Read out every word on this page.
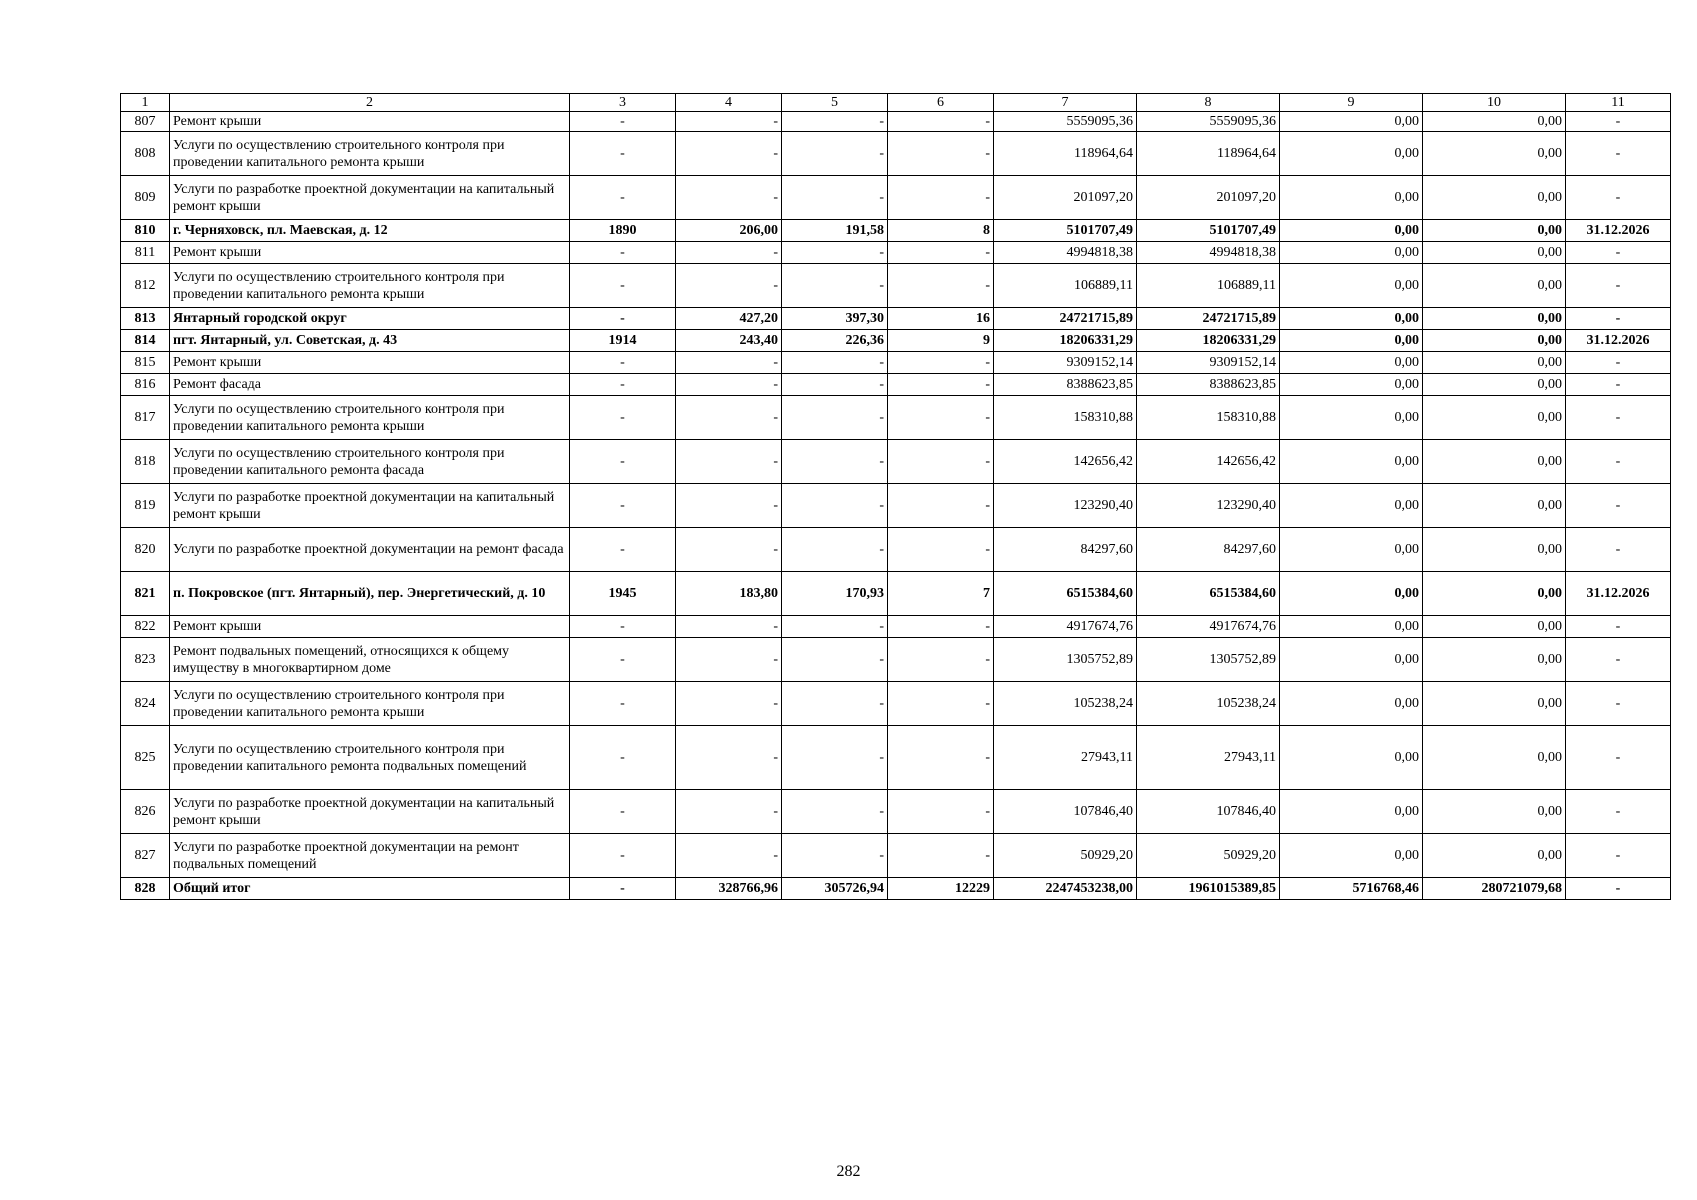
1	2	3	4	5	6	7	8	9	10	11
807	Ремонт крыши	-	-	-	-	5559095,36	5559095,36	0,00	0,00	-
808	Услуги по осуществлению строительного контроля при проведении капитального ремонта крыши	-	-	-	-	118964,64	118964,64	0,00	0,00	-
809	Услуги по разработке проектной документации на капитальный ремонт крыши	-	-	-	-	201097,20	201097,20	0,00	0,00	-
810	г. Черняховск, пл. Маевская, д. 12	1890	206,00	191,58	8	5101707,49	5101707,49	0,00	0,00	31.12.2026
811	Ремонт крыши	-	-	-	-	4994818,38	4994818,38	0,00	0,00	-
812	Услуги по осуществлению строительного контроля при проведении капитального ремонта крыши	-	-	-	-	106889,11	106889,11	0,00	0,00	-
813	Янтарный городской округ	-	427,20	397,30	16	24721715,89	24721715,89	0,00	0,00	-
814	пгт. Янтарный, ул. Советская, д. 43	1914	243,40	226,36	9	18206331,29	18206331,29	0,00	0,00	31.12.2026
815	Ремонт крыши	-	-	-	-	9309152,14	9309152,14	0,00	0,00	-
816	Ремонт фасада	-	-	-	-	8388623,85	8388623,85	0,00	0,00	-
817	Услуги по осуществлению строительного контроля при проведении капитального ремонта крыши	-	-	-	-	158310,88	158310,88	0,00	0,00	-
818	Услуги по осуществлению строительного контроля при проведении капитального ремонта фасада	-	-	-	-	142656,42	142656,42	0,00	0,00	-
819	Услуги по разработке проектной документации на капитальный ремонт крыши	-	-	-	-	123290,40	123290,40	0,00	0,00	-
820	Услуги по разработке проектной документации на ремонт фасада	-	-	-	-	84297,60	84297,60	0,00	0,00	-
821	п. Покровское (пгт. Янтарный), пер. Энергетический, д. 10	1945	183,80	170,93	7	6515384,60	6515384,60	0,00	0,00	31.12.2026
822	Ремонт крыши	-	-	-	-	4917674,76	4917674,76	0,00	0,00	-
823	Ремонт подвальных помещений, относящихся к общему имуществу в многоквартирном доме	-	-	-	-	1305752,89	1305752,89	0,00	0,00	-
824	Услуги по осуществлению строительного контроля при проведении капитального ремонта крыши	-	-	-	-	105238,24	105238,24	0,00	0,00	-
825	Услуги по осуществлению строительного контроля при проведении капитального ремонта подвальных помещений	-	-	-	-	27943,11	27943,11	0,00	0,00	-
826	Услуги по разработке проектной документации на капитальный ремонт крыши	-	-	-	-	107846,40	107846,40	0,00	0,00	-
827	Услуги по разработке проектной документации на ремонт подвальных помещений	-	-	-	-	50929,20	50929,20	0,00	0,00	-
828	Общий итог	-	328766,96	305726,94	12229	2247453238,00	1961015389,85	5716768,46	280721079,68	-
282
